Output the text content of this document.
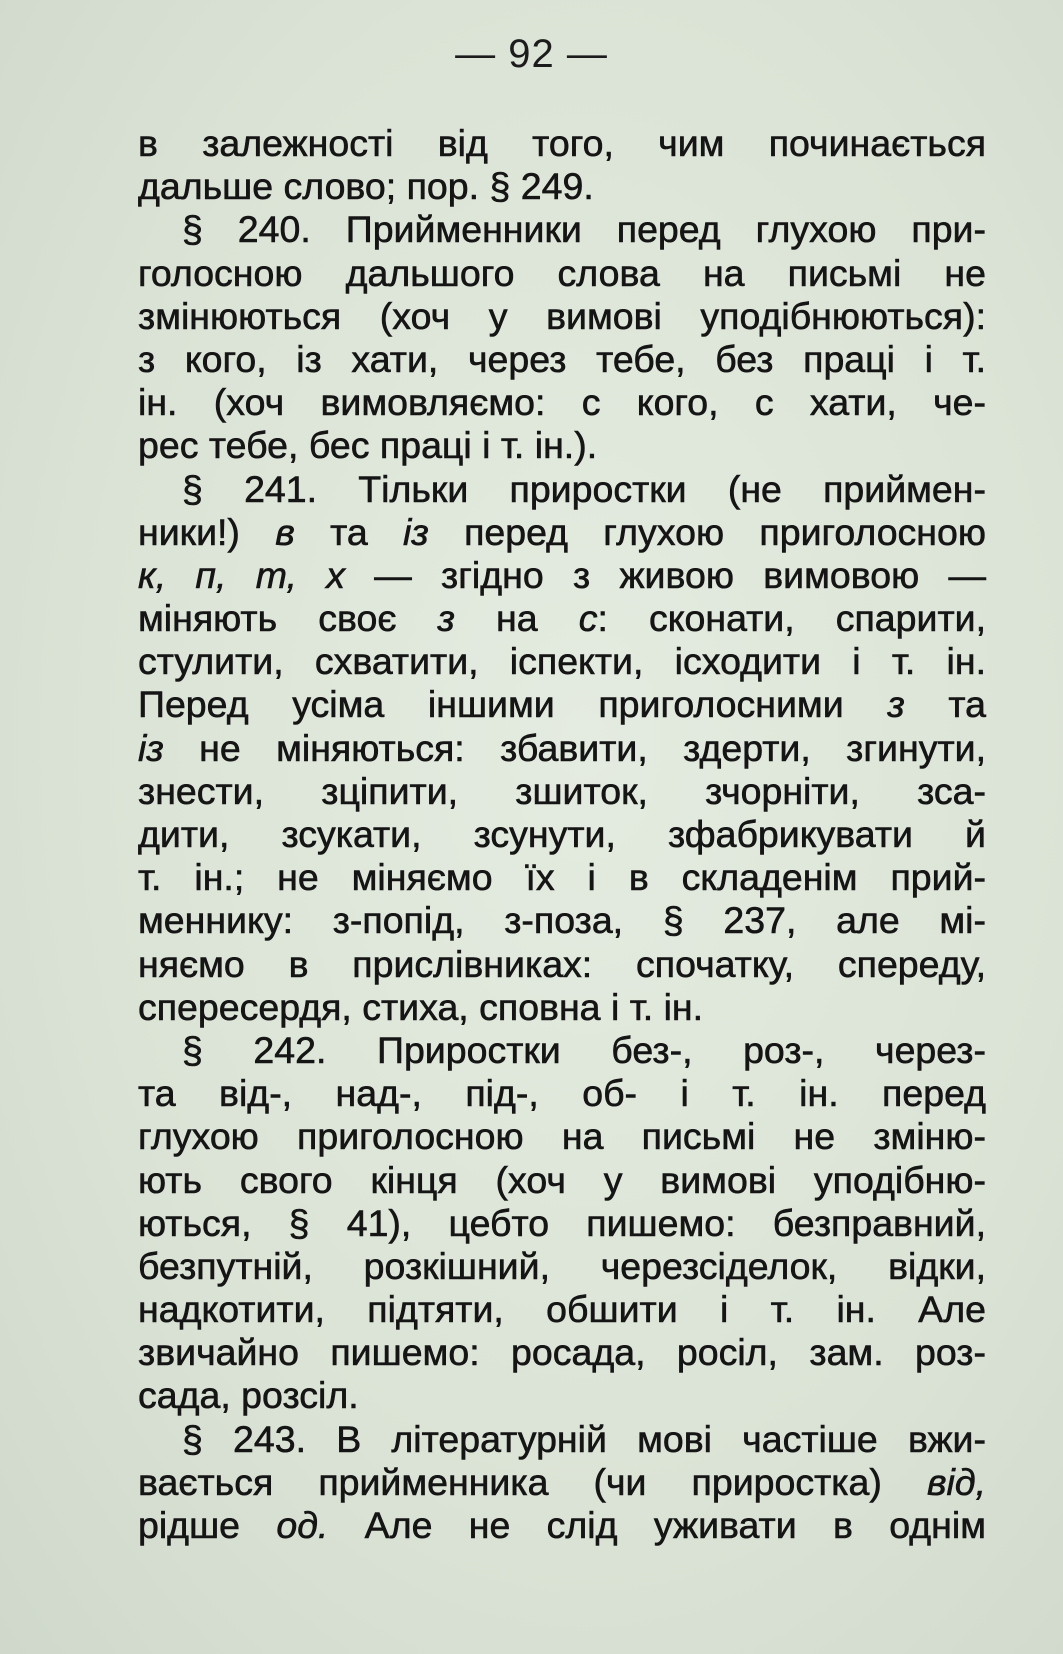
— 92 —
в залежності від того, чим починається
дальше слово; пор. § 249.
§ 240. Прийменники перед глухою при-
голосною дальшого слова на письмі не
змінюються (хоч у вимові уподібнюються):
з кого, із хати, через тебе, без праці і т.
ін. (хоч вимовляємо: с кого, с хати, че-
рес тебе, бес праці і т. ін.).
§ 241. Тільки приростки (не приймен-
ники!) в та із перед глухою приголосною
к, п, т, х — згідно з живою вимовою —
міняють своє з на с: сконати, спарити,
стулити, схватити, іспекти, ісходити і т. ін.
Перед усіма іншими приголосними з та
із не міняються: збавити, здерти, згинути,
знести, зціпити, зшиток, зчорніти, зса-
дити, зсукати, зсунути, зфабрикувати й
т. ін.; не міняємо їх і в складенім прий-
меннику: з-попід, з-поза, § 237, але мі-
няємо в прислівниках: спочатку, спереду,
спересердя, стиха, сповна і т. ін.
§ 242. Приростки без-, роз-, через-
та від-, над-, під-, об- і т. ін. перед
глухою приголосною на письмі не зміню-
ють свого кінця (хоч у вимові уподібню-
ються, § 41), цебто пишемо: безправний,
безпутній, розкішний, черезсіделок, відки,
надкотити, підтяти, обшити і т. ін. Але
звичайно пишемо: росада, росіл, зам. роз-
сада, розсіл.
§ 243. В літературній мові частіше вжи-
вається прийменника (чи приростка) від,
рідше од. Але не слід уживати в однім
